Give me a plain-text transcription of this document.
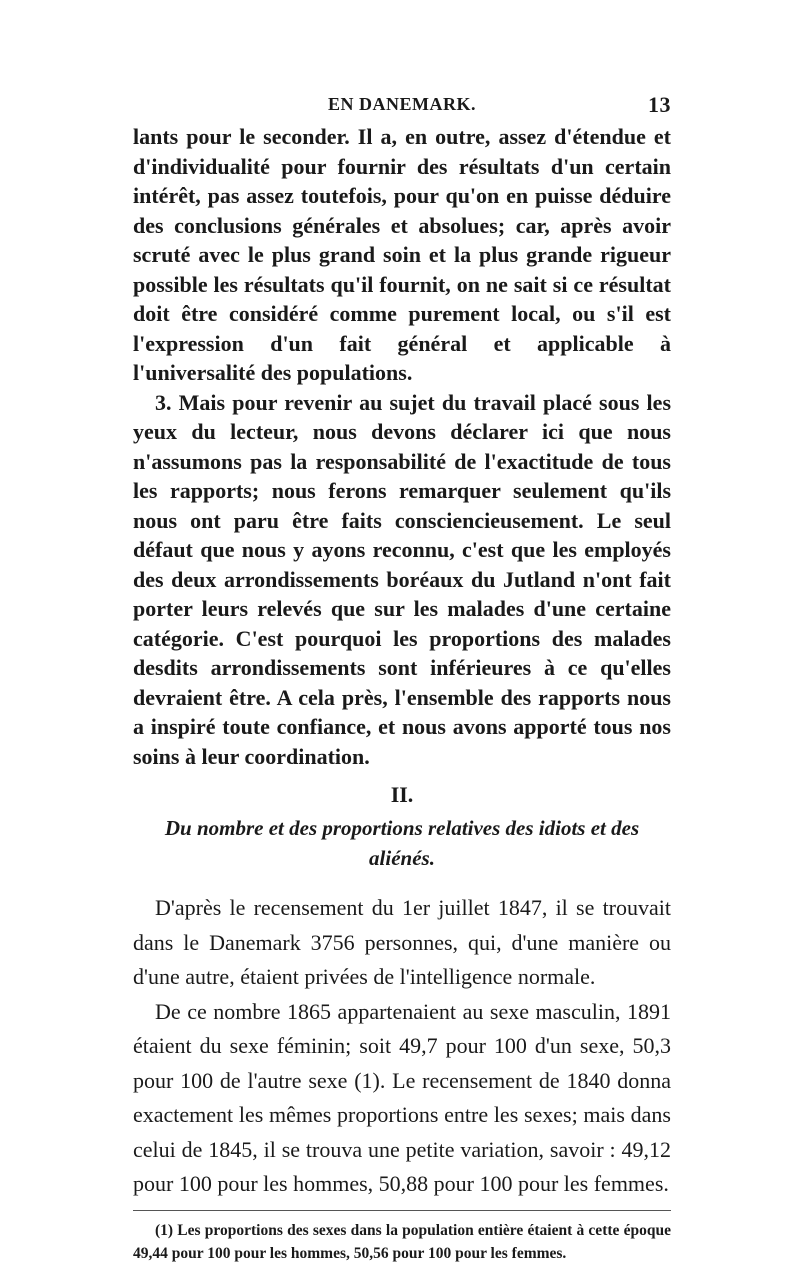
EN DANEMARK.	13

lants pour le seconder. Il a, en outre, assez d'étendue et d'individualité pour fournir des résultats d'un certain intérêt, pas assez toutefois, pour qu'on en puisse déduire des conclusions générales et absolues; car, après avoir scruté avec le plus grand soin et la plus grande rigueur possible les résultats qu'il fournit, on ne sait si ce résultat doit être considéré comme purement local, ou s'il est l'expression d'un fait général et applicable à l'universalité des populations.

3. Mais pour revenir au sujet du travail placé sous les yeux du lecteur, nous devons déclarer ici que nous n'assumons pas la responsabilité de l'exactitude de tous les rapports; nous ferons remarquer seulement qu'ils nous ont paru être faits consciencieusement. Le seul défaut que nous y ayons reconnu, c'est que les employés des deux arrondissements boréaux du Jutland n'ont fait porter leurs relevés que sur les malades d'une certaine catégorie. C'est pourquoi les proportions des malades desdits arrondissements sont inférieures à ce qu'elles devraient être. A cela près, l'ensemble des rapports nous a inspiré toute confiance, et nous avons apporté tous nos soins à leur coordination.

II.
Du nombre et des proportions relatives des idiots et des aliénés.

D'après le recensement du 1er juillet 1847, il se trouvait dans le Danemark 3756 personnes, qui, d'une manière ou d'une autre, étaient privées de l'intelligence normale.

De ce nombre 1865 appartenaient au sexe masculin, 1891 étaient du sexe féminin; soit 49,7 pour 100 d'un sexe, 50,3 pour 100 de l'autre sexe (1). Le recensement de 1840 donna exactement les mêmes proportions entre les sexes; mais dans celui de 1845, il se trouva une petite variation, savoir : 49,12 pour 100 pour les hommes, 50,88 pour 100 pour les femmes.

(1) Les proportions des sexes dans la population entière étaient à cette époque 49,44 pour 100 pour les hommes, 50,56 pour 100 pour les femmes.
